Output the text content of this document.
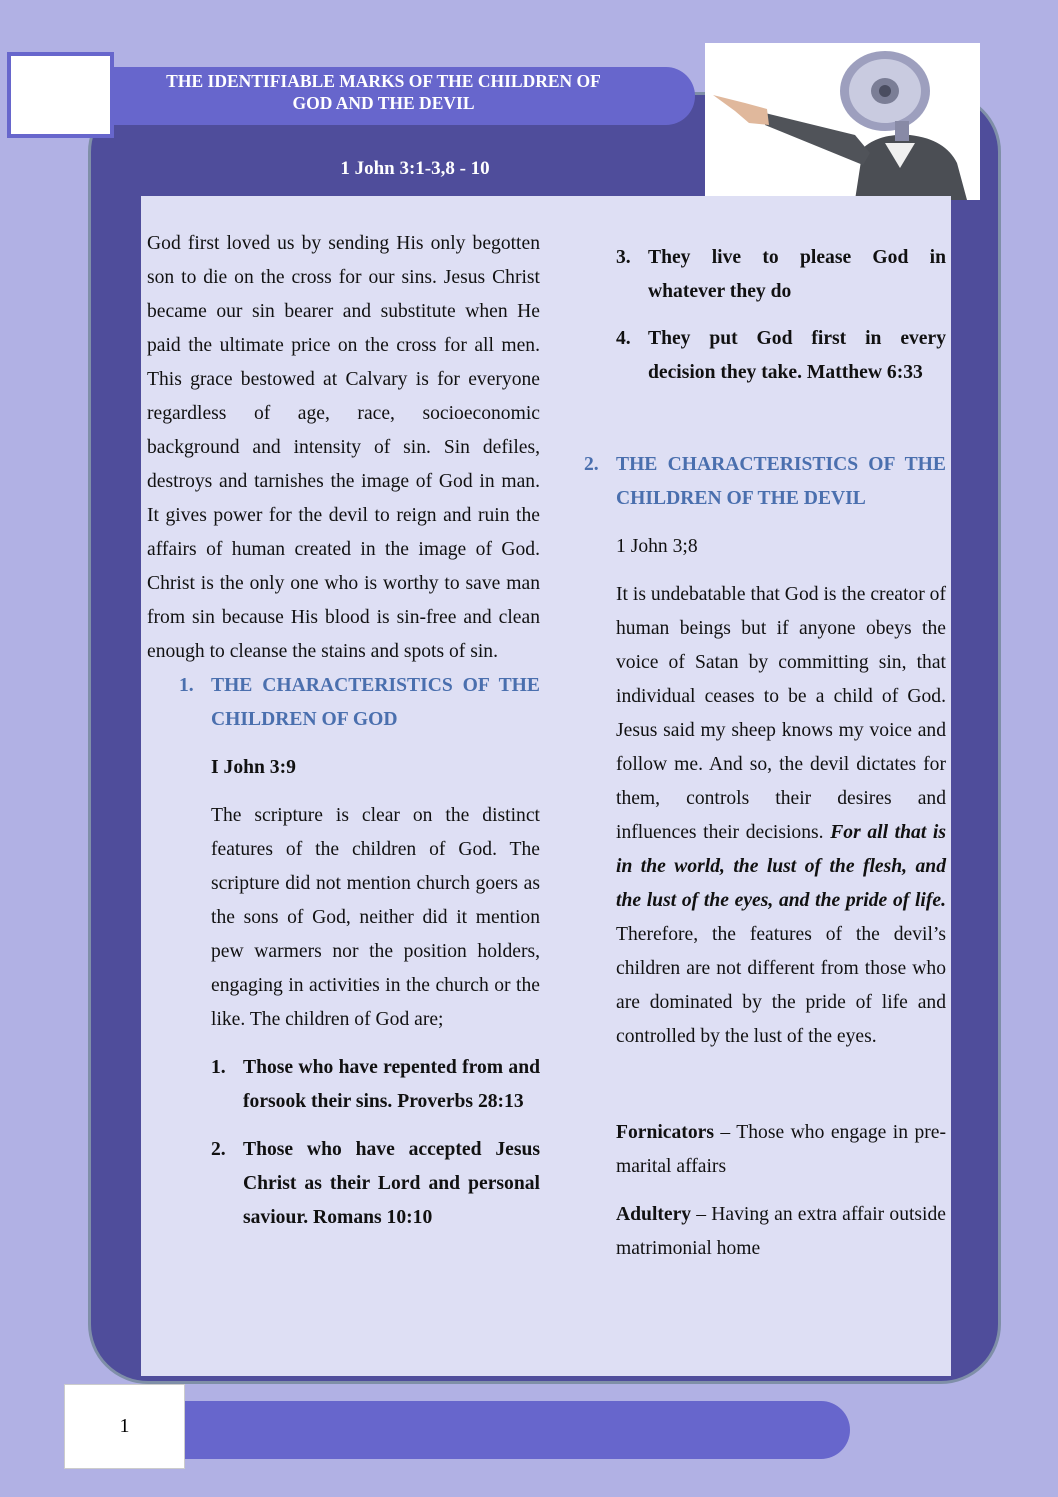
THE IDENTIFIABLE MARKS OF THE CHILDREN OF
GOD AND THE DEVIL
1 John 3:1-3,8 - 10

God first loved us by sending His only begotten son to die on the cross for our sins. Jesus Christ became our sin bearer and substitute when He paid the ultimate price on the cross for all men. This grace bestowed at Calvary is for everyone regardless of age, race, socioeconomic background and intensity of sin. Sin defiles, destroys and tarnishes the image of God in man. It gives power for the devil to reign and ruin the affairs of human created in the image of God. Christ is the only one who is worthy to save man from sin because His blood is sin-free and clean enough to cleanse the stains and spots of sin.

1. THE CHARACTERISTICS OF THE CHILDREN OF GOD

I John 3:9

The scripture is clear on the distinct features of the children of God. The scripture did not mention church goers as the sons of God, neither did it mention pew warmers nor the position holders, engaging in activities in the church or the like. The children of God are;

1. Those who have repented from and forsook their sins. Proverbs 28:13
2. Those who have accepted Jesus Christ as their Lord and personal saviour. Romans 10:10
3. They live to please God in whatever they do
4. They put God first in every decision they take. Matthew 6:33
2. THE CHARACTERISTICS OF THE CHILDREN OF THE DEVIL

1 John 3;8

It is undebatable that God is the creator of human beings but if anyone obeys the voice of Satan by committing sin, that individual ceases to be a child of God. Jesus said my sheep knows my voice and follow me. And so, the devil dictates for them, controls their desires and influences their decisions. For all that is in the world, the lust of the flesh, and the lust of the eyes, and the pride of life. Therefore, the features of the devil’s children are not different from those who are dominated by the pride of life and controlled by the lust of the eyes.

Fornicators – Those who engage in pre- marital affairs

Adultery – Having an extra affair outside matrimonial home

1
